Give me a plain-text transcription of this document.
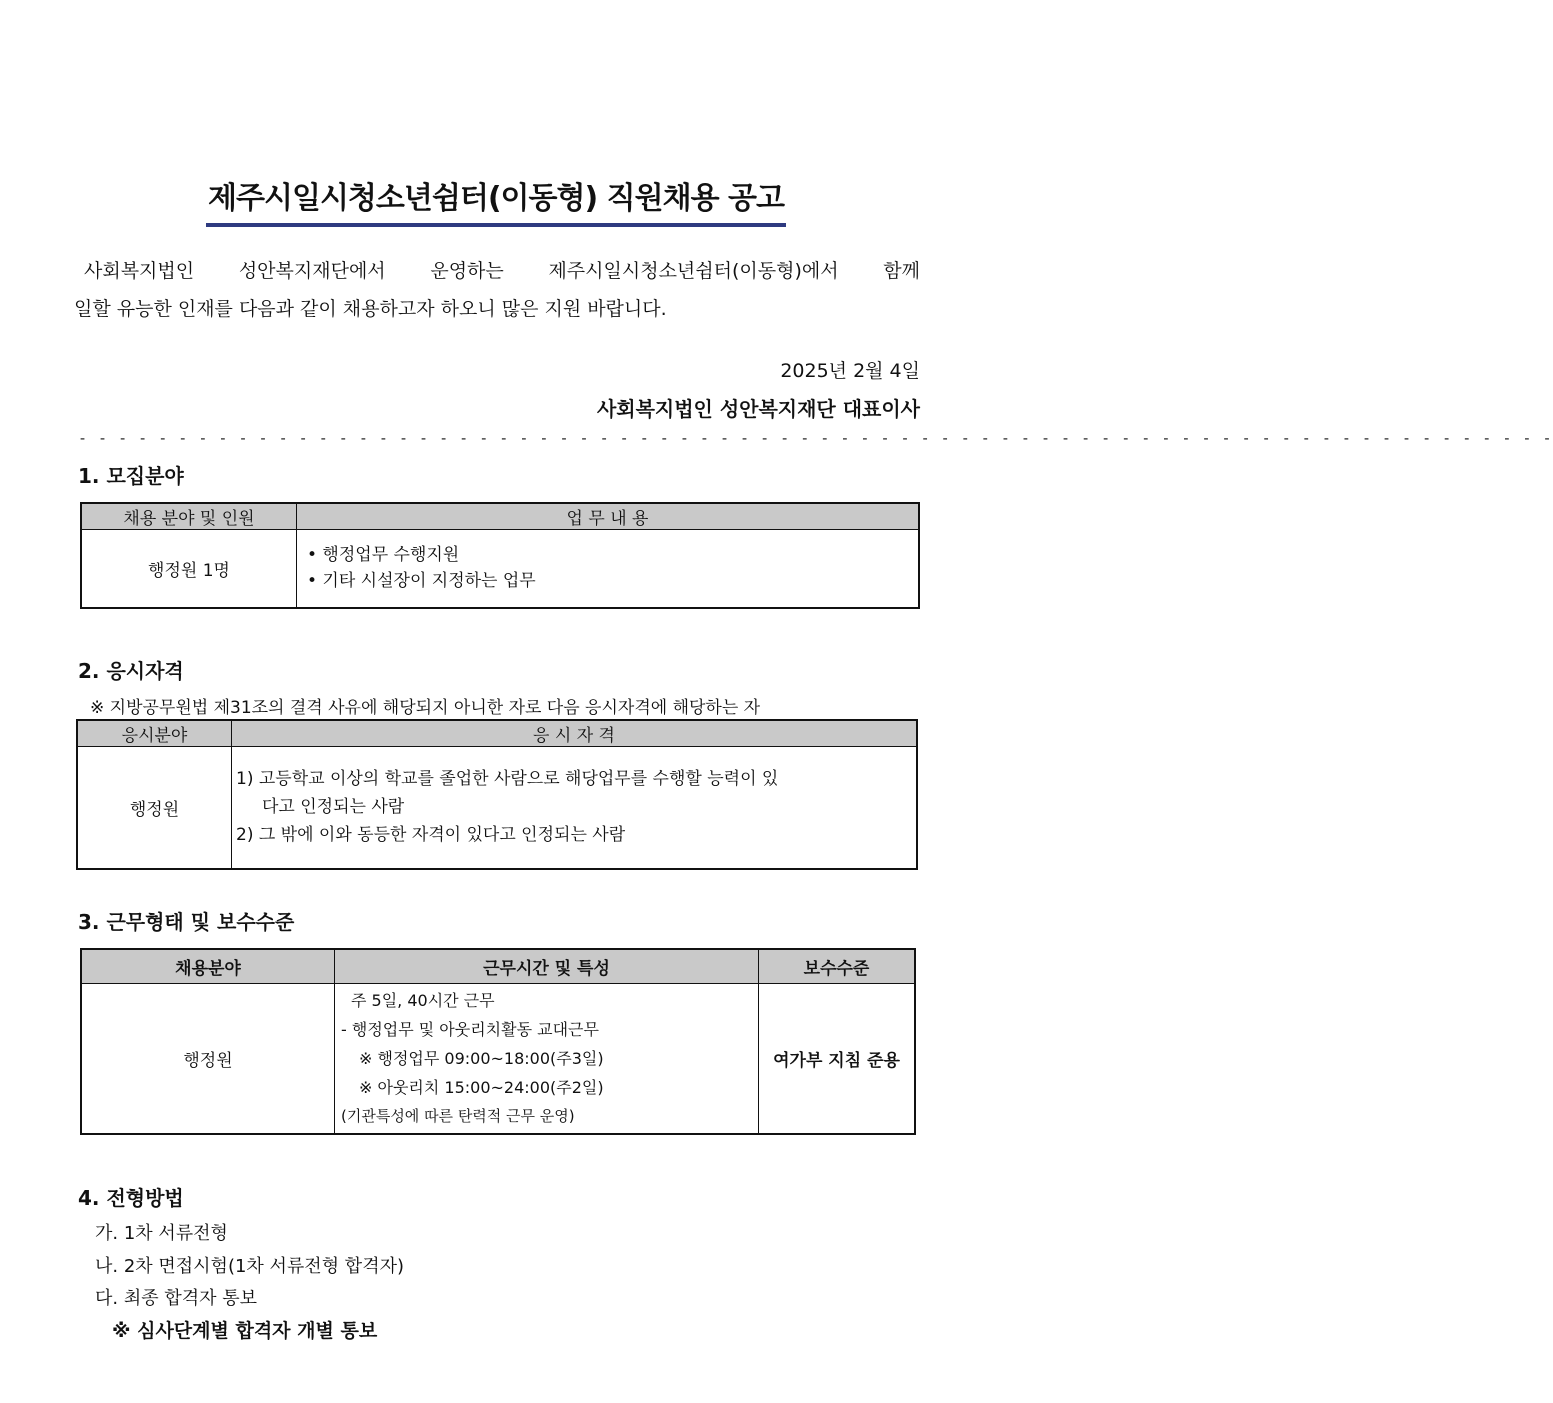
제주시일시청소년쉼터(이동형) 직원채용 공고
사회복지법인 성안복지재단에서 운영하는 제주시일시청소년쉼터(이동형)에서 함께
일할 유능한 인재를 다음과 같이 채용하고자 하오니 많은 지원 바랍니다.
2025년 2월 4일
사회복지법인 성안복지재단 대표이사
- - - - - - - - - - - - - - - - - - - - - - - - - - - - - - - - - - - - - - - - - - - - - - - - - - - - - - - - - - - - - - - - - - - - - - - - - -
1. 모집분야
채용 분야 및 인원	업 무 내 용
행정원 1명	• 행정업무 수행지원
• 기타 시설장이 지정하는 업무
2. 응시자격
※ 지방공무원법 제31조의 결격 사유에 해당되지 아니한 자로 다음 응시자격에 해당하는 자
응시분야	응 시 자 격
행정원	1) 고등학교 이상의 학교를 졸업한 사람으로 해당업무를 수행할 능력이 있
다고 인정되는 사람
2) 그 밖에 이와 동등한 자격이 있다고 인정되는 사람
3. 근무형태 및 보수수준
채용분야	근무시간 및 특성	보수수준
행정원	주 5일, 40시간 근무
- 행정업무 및 아웃리치활동 교대근무
※ 행정업무 09:00~18:00(주3일)
※ 아웃리치 15:00~24:00(주2일)
(기관특성에 따른 탄력적 근무 운영)	여가부 지침 준용
4. 전형방법
가. 1차 서류전형
나. 2차 면접시험(1차 서류전형 합격자)
다. 최종 합격자 통보
※ 심사단계별 합격자 개별 통보
